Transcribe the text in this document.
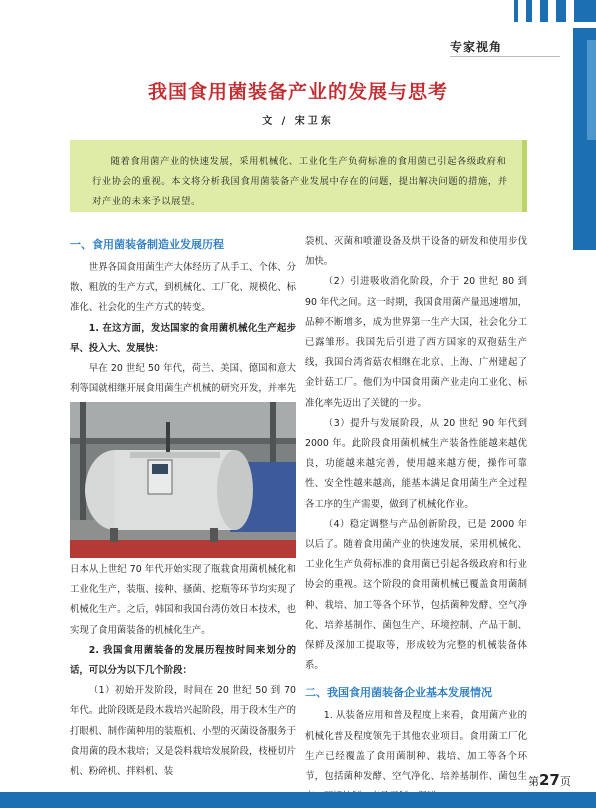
专家视角
我国食用菌装备产业的发展与思考
文 / 宋卫东

随着食用菌产业的快速发展，采用机械化、工业化生产负荷标准的食用菌已引起各级政府和行业协会的重视。本文将分析我国食用菌装备产业发展中存在的问题，提出解决问题的措施，并对产业的未来予以展望。

一、食用菌装备制造业发展历程

世界各国食用菌生产大体经历了从手工、个体、分散、粗放的生产方式，到机械化、工厂化、规模化、标准化、社会化的生产方式的转变。

1. 在这方面，发达国家的食用菌机械化生产起步早、投入大、发展快：

早在 20 世纪 50 年代，荷兰、美国、德国和意大利等国就相继开展食用菌生产机械的研究开发，并率先

日本从上世纪 70 年代开始实现了瓶栽食用菌机械化和工业化生产，装瓶、接种、搔菌、挖瓶等环节均实现了机械化生产。之后，韩国和我国台湾仿效日本技术，也实现了食用菌装备的机械化生产。

2. 我国食用菌装备的发展历程按时间来划分的话，可以分为以下几个阶段：

（1）初始开发阶段，时间在 20 世纪 50 到 70 年代。此阶段既是段木栽培兴起阶段，用于段木生产的打眼机、制作菌种用的装瓶机、小型的灭菌设备服务于食用菌的段木栽培；又是袋料栽培发展阶段，枝桠切片机、粉碎机、拌料机、装

袋机、灭菌和喷灌设备及烘干设备的研发和使用步伐加快。

（2）引进吸收消化阶段，介于 20 世纪 80 到 90 年代之间。这一时期，我国食用菌产量迅速增加，品种不断增多，成为世界第一生产大国，社会化分工已露雏形。我国先后引进了西方国家的双孢菇生产线，我国台湾省菇农相继在北京、上海、广州建起了金针菇工厂。他们为中国食用菌产业走向工业化、标准化率先迈出了关键的一步。

（3）提升与发展阶段，从 20 世纪 90 年代到 2000 年。此阶段食用菌机械生产装备性能越来越优良，功能越来越完善，使用越来越方便，操作可靠性、安全性越来越高，能基本满足食用菌生产全过程各工序的生产需要，做到了机械化作业。

（4）稳定调整与产品创新阶段，已是 2000 年以后了。随着食用菌产业的快速发展，采用机械化、工业化生产负荷标准的食用菌已引起各级政府和行业协会的重视。这个阶段的食用菌机械已覆盖食用菌制种、栽培、加工等各个环节，包括菌种发酵、空气净化、培养基制作、菌包生产、环境控制、产品干制、保鲜及深加工提取等，形成较为完整的机械装备体系。

二、我国食用菌装备企业基本发展情况

1. 从装备应用和普及程度上来看，食用菌产业的机械化普及程度领先于其他农业项目。食用菌工厂化生产已经覆盖了食用菌制种、栽培、加工等各个环节，包括菌种发酵、空气净化、培养基制作、菌包生 第27页
